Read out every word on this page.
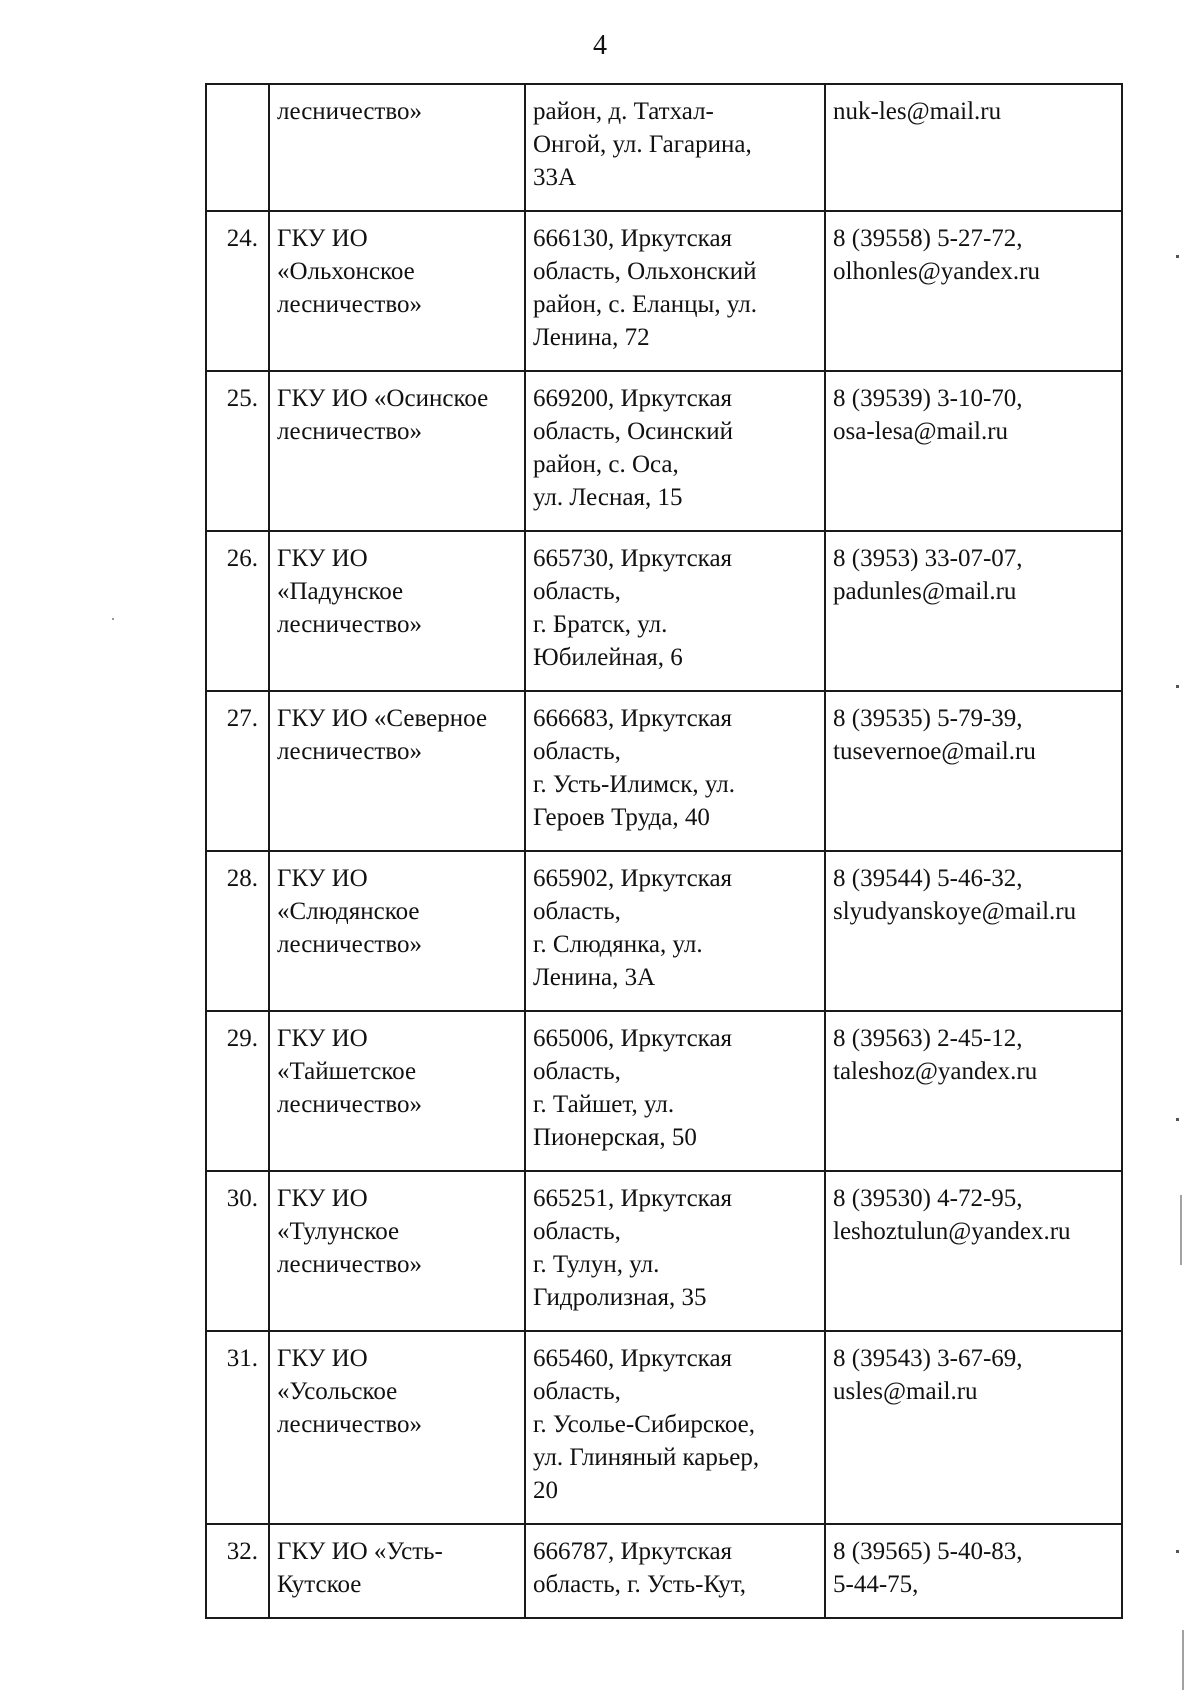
4
	лесничество»	район, д. Татхал-
Онгой, ул. Гагарина,
33А	nuk-les@mail.ru
24.	ГКУ ИО
«Ольхонское
лесничество»	666130, Иркутская
область, Ольхонский
район, с. Еланцы, ул.
Ленина, 72	8 (39558) 5-27-72,
olhonles@yandex.ru
25.	ГКУ ИО «Осинское
лесничество»	669200, Иркутская
область, Осинский
район, с. Оса,
ул. Лесная, 15	8 (39539) 3-10-70,
osa-lesa@mail.ru
26.	ГКУ ИО
«Падунское
лесничество»	665730, Иркутская
область,
г. Братск, ул.
Юбилейная, 6	8 (3953) 33-07-07,
padunles@mail.ru
27.	ГКУ ИО «Северное
лесничество»	666683, Иркутская
область,
г. Усть-Илимск, ул.
Героев Труда, 40	8 (39535) 5-79-39,
tusevernoe@mail.ru
28.	ГКУ ИО
«Слюдянское
лесничество»	665902, Иркутская
область,
г. Слюдянка, ул.
Ленина, 3А	8 (39544) 5-46-32,
slyudyanskoye@mail.ru
29.	ГКУ ИО
«Тайшетское
лесничество»	665006, Иркутская
область,
г. Тайшет, ул.
Пионерская, 50	8 (39563) 2-45-12,
taleshoz@yandex.ru
30.	ГКУ ИО
«Тулунское
лесничество»	665251, Иркутская
область,
г. Тулун, ул.
Гидролизная, 35	8 (39530) 4-72-95,
leshoztulun@yandex.ru
31.	ГКУ ИО
«Усольское
лесничество»	665460, Иркутская
область,
г. Усолье-Сибирское,
ул. Глиняный карьер,
20	8 (39543) 3-67-69,
usles@mail.ru
32.	ГКУ ИО «Усть-
Кутское	666787, Иркутская
область, г. Усть-Кут,	8 (39565) 5-40-83,
5-44-75,
